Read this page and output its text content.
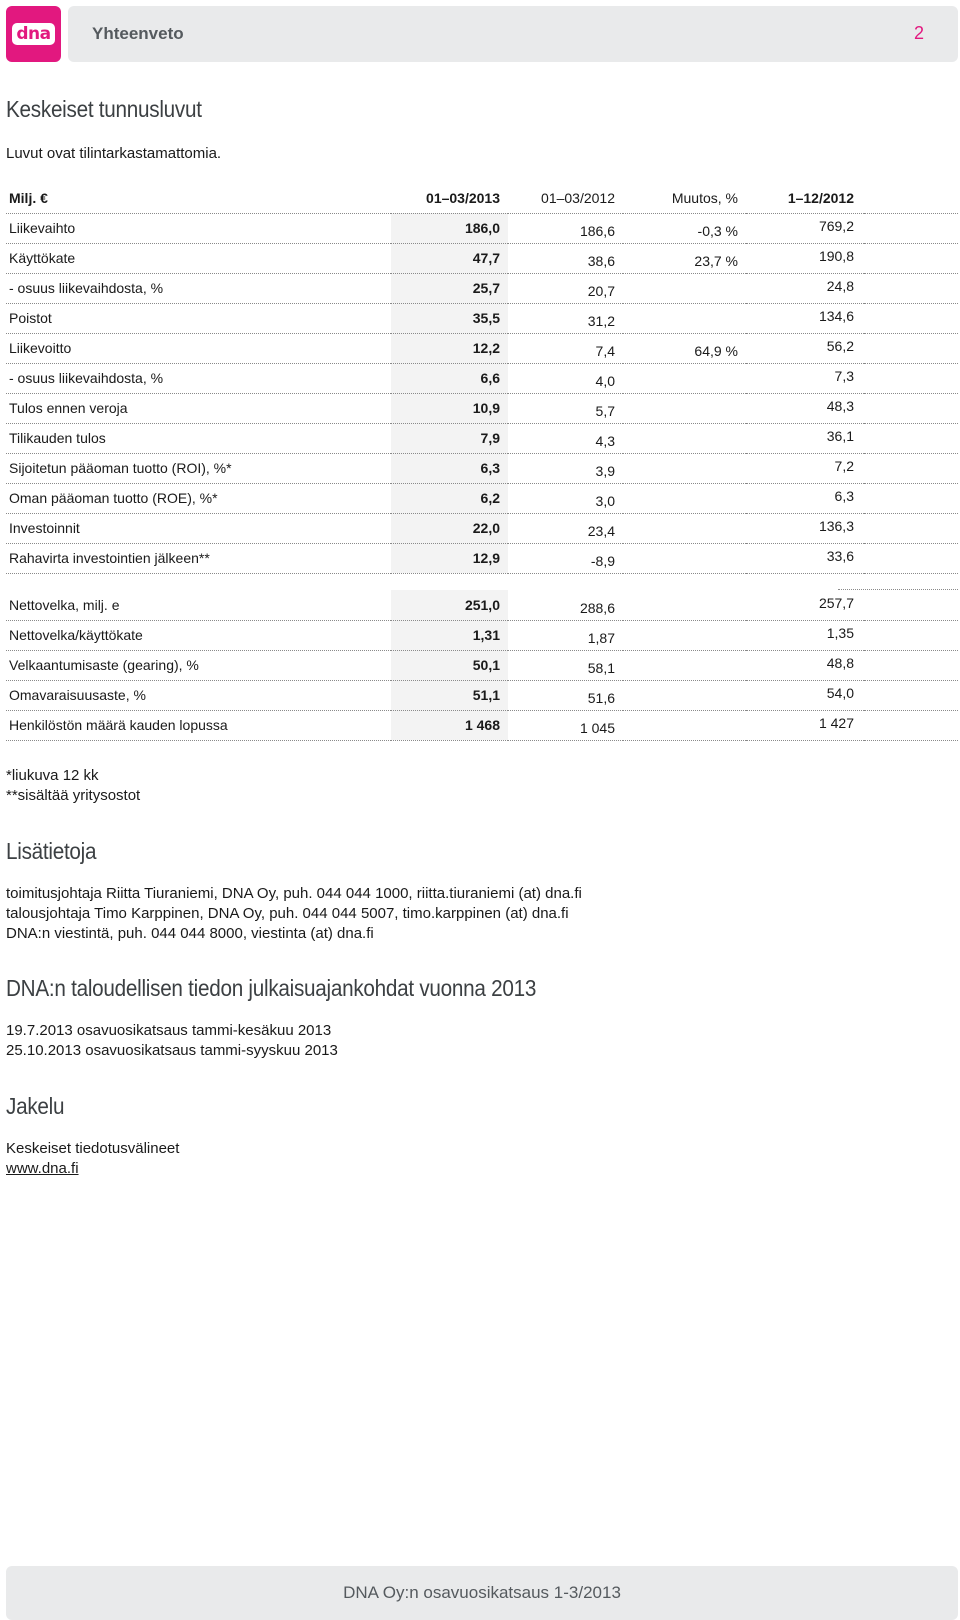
dna Yhteenveto	2
Keskeiset tunnusluvut
Luvut ovat tilintarkastamattomia.
Milj. €	01–03/2013	01–03/2012	Muutos, %	1–12/2012	
Liikevaihto	186,0	186,6	-0,3 %	769,2	
Käyttökate	47,7	38,6	23,7 %	190,8	
- osuus liikevaihdosta, %	25,7	20,7		24,8	
Poistot	35,5	31,2		134,6	
Liikevoitto	12,2	7,4	64,9 %	56,2	
- osuus liikevaihdosta, %	6,6	4,0		7,3	
Tulos ennen veroja	10,9	5,7		48,3	
Tilikauden tulos	7,9	4,3		36,1	
Sijoitetun pääoman tuotto (ROI), %*	6,3	3,9		7,2	
Oman pääoman tuotto (ROE), %*	6,2	3,0		6,3	
Investoinnit	22,0	23,4		136,3	
Rahavirta investointien jälkeen**	12,9	-8,9		33,6	
Nettovelka, milj. e	251,0	288,6		257,7	
Nettovelka/käyttökate	1,31	1,87		1,35	
Velkaantumisaste (gearing), %	50,1	58,1		48,8	
Omavaraisuusaste, %	51,1	51,6		54,0	
Henkilöstön määrä kauden lopussa	1 468	1 045		1 427	

*liukuva 12 kk
**sisältää yritysostot
Lisätietoja
toimitusjohtaja Riitta Tiuraniemi, DNA Oy, puh. 044 044 1000, riitta.tiuraniemi (at) dna.fi
talousjohtaja Timo Karppinen, DNA Oy, puh. 044 044 5007, timo.karppinen (at) dna.fi
DNA:n viestintä, puh. 044 044 8000, viestinta (at) dna.fi
DNA:n taloudellisen tiedon julkaisuajankohdat vuonna 2013
19.7.2013 osavuosikatsaus tammi-kesäkuu 2013
25.10.2013 osavuosikatsaus tammi-syyskuu 2013
Jakelu
Keskeiset tiedotusvälineet
www.dna.fi
DNA Oy:n osavuosikatsaus 1-3/2013
